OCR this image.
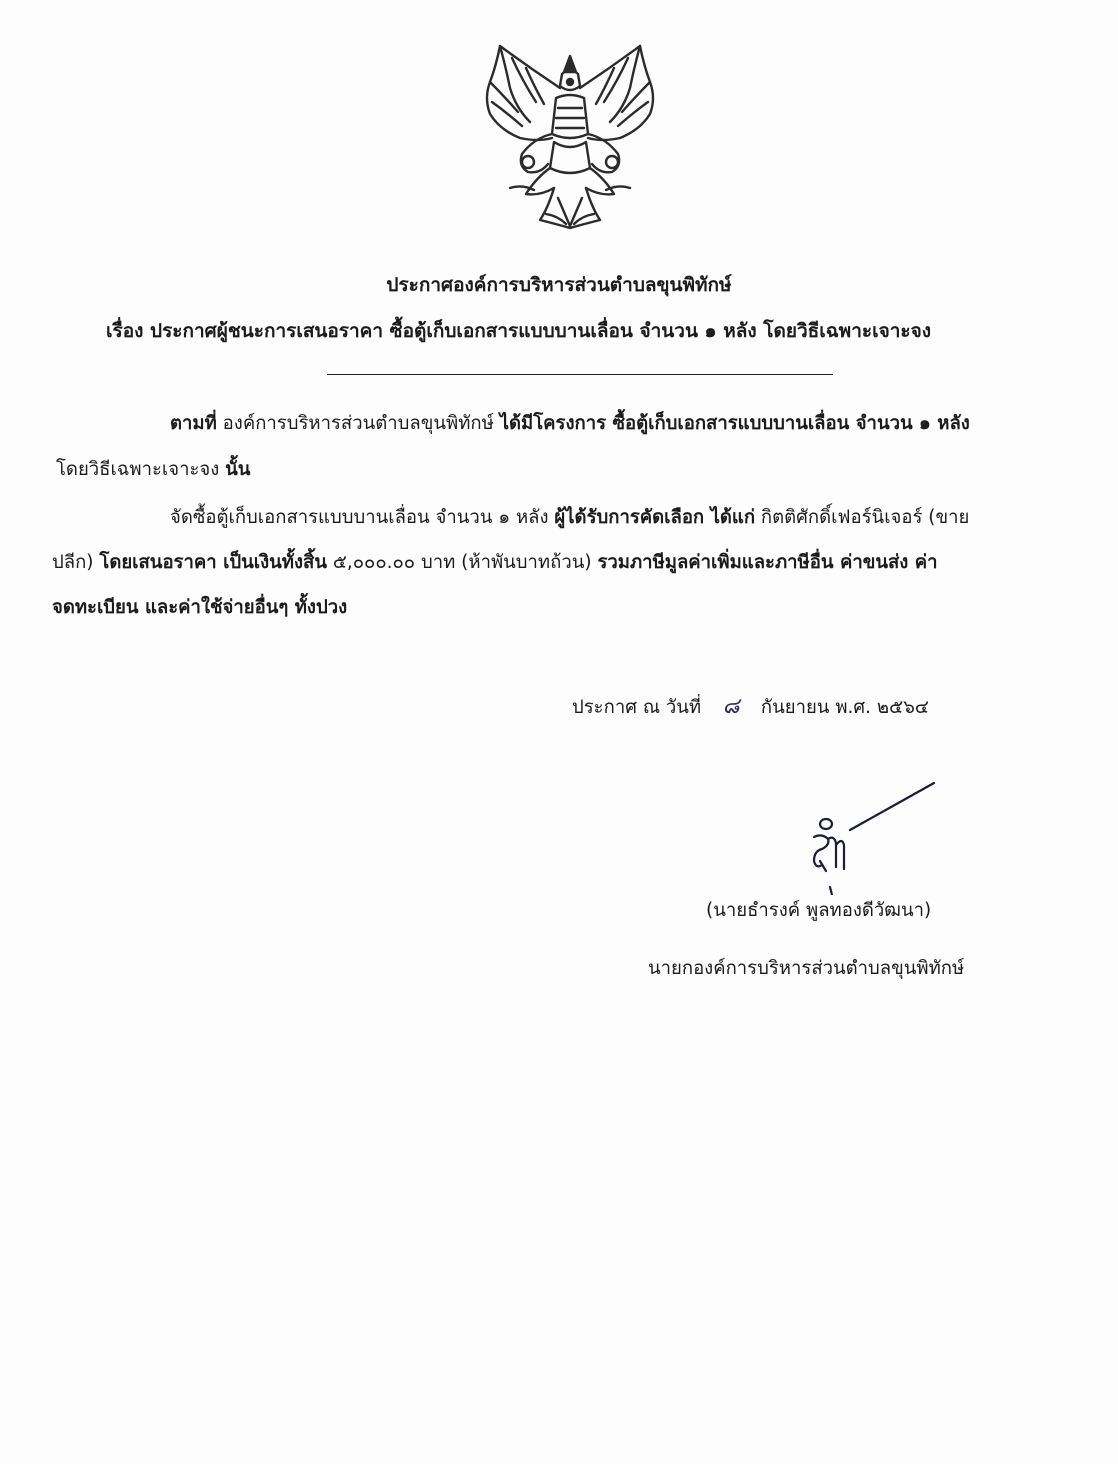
ประกาศองค์การบริหารส่วนตำบลขุนพิทักษ์
เรื่อง ประกาศผู้ชนะการเสนอราคา ซื้อตู้เก็บเอกสารแบบบานเลื่อน จำนวน ๑ หลัง โดยวิธีเฉพาะเจาะจง
ตามที่ องค์การบริหารส่วนตำบลขุนพิทักษ์ ได้มีโครงการ ซื้อตู้เก็บเอกสารแบบบานเลื่อน จำนวน ๑ หลัง
โดยวิธีเฉพาะเจาะจง นั้น
จัดซื้อตู้เก็บเอกสารแบบบานเลื่อน จำนวน ๑ หลัง ผู้ได้รับการคัดเลือก ได้แก่ กิตติศักดิ์เฟอร์นิเจอร์ (ขาย
ปลีก) โดยเสนอราคา เป็นเงินทั้งสิ้น ๕,๐๐๐.๐๐ บาท (ห้าพันบาทถ้วน) รวมภาษีมูลค่าเพิ่มและภาษีอื่น ค่าขนส่ง ค่า
จดทะเบียน และค่าใช้จ่ายอื่นๆ ทั้งปวง
ประกาศ ณ วันที่ ๘ กันยายน พ.ศ. ๒๕๖๔
(นายธำรงค์ พูลทองดีวัฒนา)
นายกองค์การบริหารส่วนตำบลขุนพิทักษ์
